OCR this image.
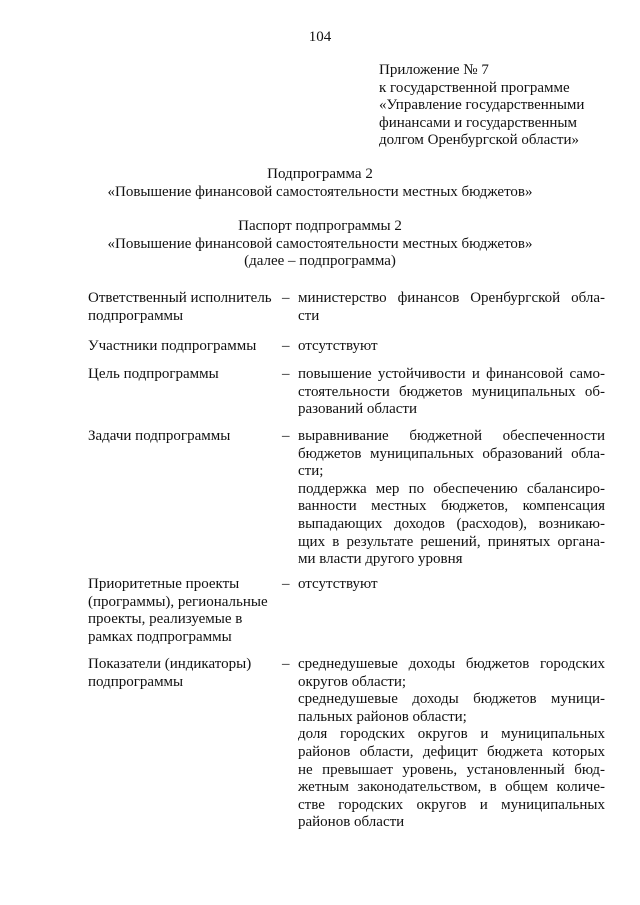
104
Приложение № 7
к государственной программе
«Управление государственными
финансами и государственным
долгом Оренбургской области»
Подпрограмма 2
«Повышение финансовой самостоятельности местных бюджетов»
Паспорт подпрограммы 2
«Повышение финансовой самостоятельности местных бюджетов»
(далее – подпрограмма)
Ответственный исполнитель
подпрограммы
– министерство финансов Оренбургской обла-
сти
Участники подпрограммы	– отсутствуют
Цель подпрограммы	– повышение устойчивости и финансовой само-
стоятельности бюджетов муниципальных об-
разований области
Задачи подпрограммы	– выравнивание бюджетной обеспеченности
бюджетов муниципальных образований обла-
сти;
поддержка мер по обеспечению сбалансиро-
ванности местных бюджетов, компенсация
выпадающих доходов (расходов), возникаю-
щих в результате решений, принятых органа-
ми власти другого уровня
Приоритетные проекты
(программы), региональные
проекты, реализуемые в
рамках подпрограммы
– отсутствуют
Показатели (индикаторы)
подпрограммы
– среднедушевые доходы бюджетов городских
округов области;
среднедушевые доходы бюджетов муници-
пальных районов области;
доля городских округов и муниципальных
районов области, дефицит бюджета которых
не превышает уровень, установленный бюд-
жетным законодательством, в общем количе-
стве городских округов и муниципальных
районов области
